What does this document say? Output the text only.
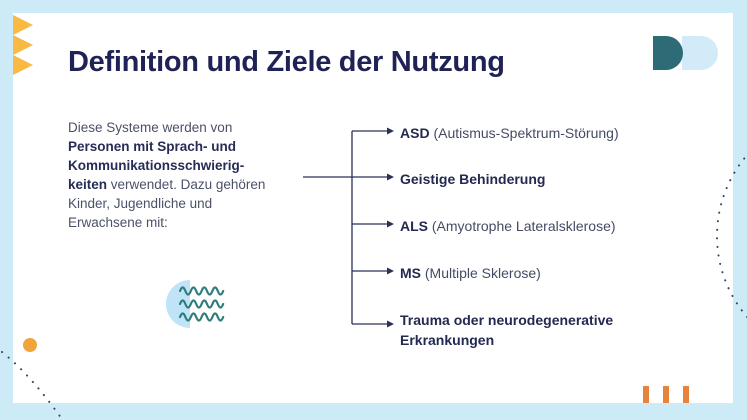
Definition und Ziele der Nutzung
Diese Systeme werden von
Personen mit Sprach- und
Kommunikationsschwierig-
keiten verwendet. Dazu gehören
Kinder, Jugendliche und
Erwachsene mit:
ASD (Autismus-Spektrum-Störung)
Geistige Behinderung
ALS (Amyotrophe Lateralsklerose)
MS (Multiple Sklerose)
Trauma oder neurodegenerative Erkrankungen
